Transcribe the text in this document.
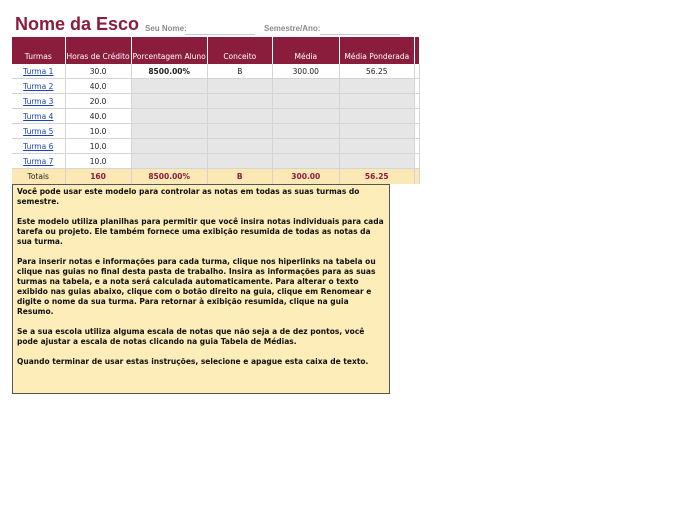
Nome da Esco Seu Nome:	Semestre/Ano:
Turmas	Horas de Crédito	Porcentagem Aluno	Conceito	Média	Média Ponderada	
Turma 1	30.0	8500.00%	B	300.00	56.25	
Turma 2	40.0					
Turma 3	20.0					
Turma 4	40.0					
Turma 5	10.0					
Turma 6	10.0					
Turma 7	10.0					
Totais	160	8500.00%	B	300.00	56.25	

Você pode usar este modelo para controlar as notas em todas as suas turmas do semestre.

Este modelo utiliza planilhas para permitir que você insira notas individuais para cada tarefa ou projeto. Ele também fornece uma exibição resumida de todas as notas da sua turma.

Para inserir notas e informações para cada turma, clique nos hiperlinks na tabela ou clique nas guias no final desta pasta de trabalho. Insira as informações para as suas turmas na tabela, e a nota será calculada automaticamente. Para alterar o texto exibido nas guias abaixo, clique com o botão direito na guia, clique em Renomear e digite o nome da sua turma. Para retornar à exibição resumida, clique na guia Resumo.

Se a sua escola utiliza alguma escala de notas que não seja a de dez pontos, você pode ajustar a escala de notas clicando na guia Tabela de Médias.

Quando terminar de usar estas instruções, selecione e apague esta caixa de texto.
